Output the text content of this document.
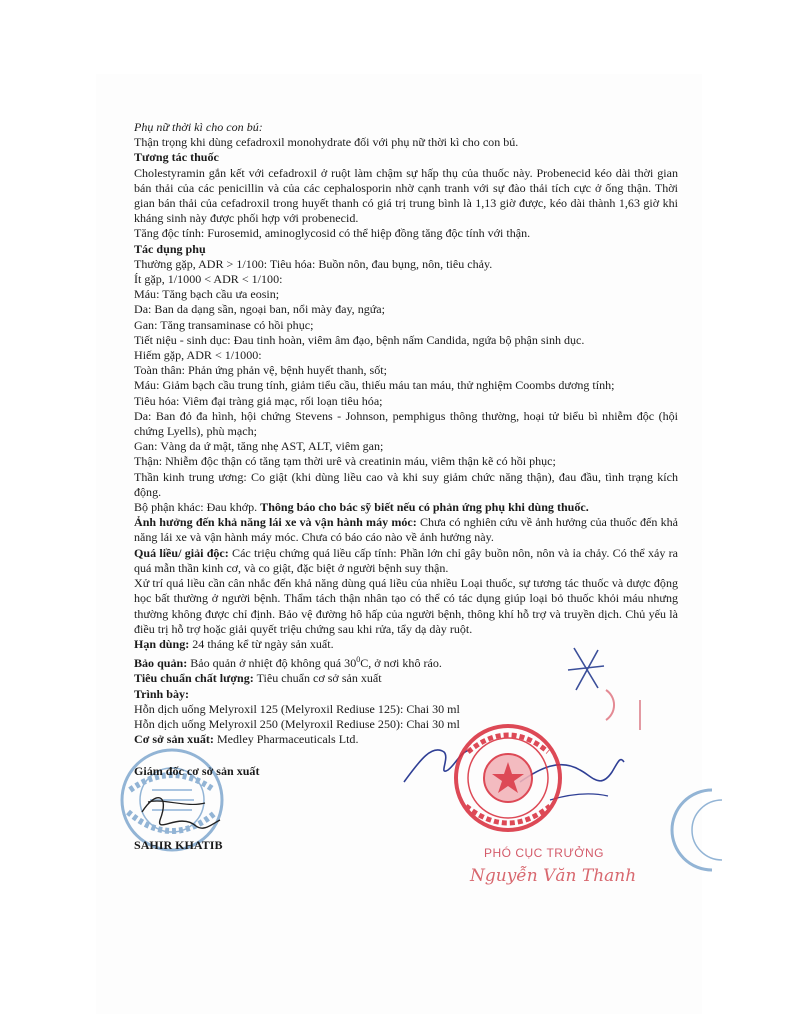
Phụ nữ thời kì cho con bú:

Thận trọng khi dùng cefadroxil monohydrate đối với phụ nữ thời kì cho con bú.

Tương tác thuốc

Cholestyramin gắn kết với cefadroxil ở ruột làm chậm sự hấp thụ của thuốc này. Probenecid kéo dài thời gian bán thải của các penicillin và của các cephalosporin nhờ cạnh tranh với sự đào thải tích cực ở ống thận. Thời gian bán thải của cefadroxil trong huyết thanh có giá trị trung bình là 1,13 giờ được, kéo dài thành 1,63 giờ khi kháng sinh này được phối hợp với probenecid.

Tăng độc tính: Furosemid, aminoglycosid có thể hiệp đồng tăng độc tính với thận.

Tác dụng phụ

Thường gặp, ADR > 1/100: Tiêu hóa: Buồn nôn, đau bụng, nôn, tiêu chảy.

Ít gặp, 1/1000 < ADR < 1/100:

Máu: Tăng bạch cầu ưa eosin;

Da: Ban da dạng sần, ngoại ban, nổi mày đay, ngứa;

Gan: Tăng transaminase có hồi phục;

Tiết niệu - sinh dục: Đau tinh hoàn, viêm âm đạo, bệnh nấm Candida, ngứa bộ phận sinh dục.

Hiếm gặp, ADR < 1/1000:

Toàn thân: Phản ứng phản vệ, bệnh huyết thanh, sốt;

Máu: Giảm bạch cầu trung tính, giảm tiểu cầu, thiếu máu tan máu, thử nghiệm Coombs dương tính;

Tiêu hóa: Viêm đại tràng giả mạc, rối loạn tiêu hóa;

Da: Ban đỏ đa hình, hội chứng Stevens - Johnson, pemphigus thông thường, hoại tử biểu bì nhiễm độc (hội chứng Lyells), phù mạch;

Gan: Vàng da ứ mật, tăng nhẹ AST, ALT, viêm gan;

Thận: Nhiễm độc thận có tăng tạm thời urê và creatinin máu, viêm thận kẽ có hồi phục;

Thần kinh trung ương: Co giật (khi dùng liều cao và khi suy giảm chức năng thận), đau đầu, tình trạng kích động.

Bộ phận khác: Đau khớp. Thông báo cho bác sỹ biết nếu có phản ứng phụ khi dùng thuốc.

Ảnh hưởng đến khả năng lái xe và vận hành máy móc: Chưa có nghiên cứu về ảnh hưởng của thuốc đến khả năng lái xe và vận hành máy móc. Chưa có báo cáo nào về ảnh hưởng này.

Quá liều/ giải độc: Các triệu chứng quá liều cấp tính: Phần lớn chỉ gây buồn nôn, nôn và ỉa chảy. Có thể xảy ra quá mẫn thần kinh cơ, và co giật, đặc biệt ở người bệnh suy thận.

Xử trí quá liều cần cân nhắc đến khả năng dùng quá liều của nhiều Loại thuốc, sự tương tác thuốc và dược động học bất thường ở người bệnh. Thẩm tách thận nhân tạo có thể có tác dụng giúp loại bỏ thuốc khỏi máu nhưng thường không được chỉ định. Bảo vệ đường hô hấp của người bệnh, thông khí hỗ trợ và truyền dịch. Chủ yếu là điều trị hỗ trợ hoặc giải quyết triệu chứng sau khi rửa, tẩy dạ dày ruột.

Hạn dùng: 24 tháng kể từ ngày sản xuất.

Bảo quản: Bảo quản ở nhiệt độ không quá $30^0C$, ở nơi khô ráo.

Tiêu chuẩn chất lượng: Tiêu chuẩn cơ sở sản xuất

Trình bày:

Hỗn dịch uống Melyroxil 125 (Melyroxil Rediuse 125): Chai 30 ml

Hỗn dịch uống Melyroxil 250 (Melyroxil Rediuse 250): Chai 30 ml

Cơ sở sản xuất: Medley Pharmaceuticals Ltd.

Giám đốc cơ sở sản xuất
SAHIR KHATIB
PHÓ CỤC TRƯỞNG
Nguyễn Văn Thanh
